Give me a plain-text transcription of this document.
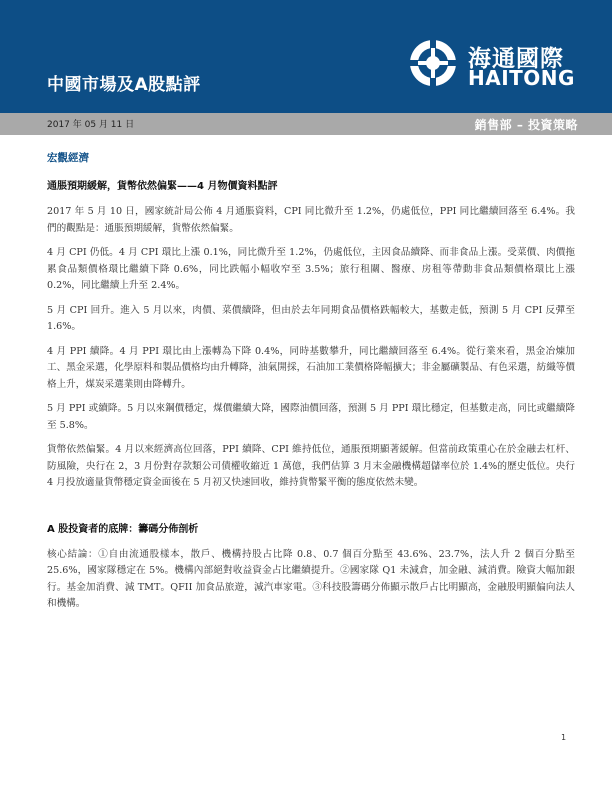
中國市場及A股點評
海通國際
HAITONG
2017 年 05 月 11 日	銷售部 – 投資策略
宏觀經濟
通脹預期緩解，貨幣依然偏緊——4 月物價資料點評

2017 年 5 月 10 日，國家統計局公佈 4 月通脹資料，CPI 同比微升至 1.2%，仍處低位，PPI 同比繼續回落至 6.4%。我們的觀點是：通脹預期緩解，貨幣依然偏緊。

4 月 CPI 仍低。4 月 CPI 環比上漲 0.1%，同比微升至 1.2%，仍處低位，主因食品續降、而非食品上漲。受菜價、肉價拖累食品類價格環比繼續下降 0.6%，同比跌幅小幅收窄至 3.5%；旅行租關、醫療、房租等帶動非食品類價格環比上漲 0.2%，同比繼續上升至 2.4%。

5 月 CPI 回升。進入 5 月以來，肉價、菜價續降，但由於去年同期食品價格跌幅較大，基數走低，預測 5 月 CPI 反彈至 1.6%。

4 月 PPI 續降。4 月 PPI 環比由上漲轉為下降 0.4%，同時基數攀升，同比繼續回落至 6.4%。從行業來看，黑金冶煉加工、黑金采選，化學原料和製品價格均由升轉降，油氣開採，石油加工業價格降幅擴大；非金屬礦製品、有色采選，紡織等價格上升，煤炭采選業則由降轉升。

5 月 PPI 或續降。5 月以來鋼價穩定，煤價繼續大降，國際油價回落，預測 5 月 PPI 環比穩定，但基數走高，同比或繼續降至 5.8%。

貨幣依然偏緊。4 月以來經濟高位回落，PPI 續降、CPI 維持低位，通脹預期顯著緩解。但當前政策重心在於金融去杠杆、防風險，央行在 2，3 月份對存款類公司債權收縮近 1 萬億，我們估算 3 月末金融機構超儲率位於 1.4%的歷史低位。央行 4 月投放適量貨幣穩定資金面後在 5 月初又快速回收，維持貨幣緊平衡的態度依然未變。

A 股投資者的底牌：籌碼分佈剖析

核心結論：①自由流通股樣本，散戶、機構持股占比降 0.8、0.7 個百分點至 43.6%、23.7%，法人升 2 個百分點至 25.6%，國家隊穩定在 5%。機構內部絕對收益資金占比繼續提升。②國家隊 Q1 未減倉，加金融、減消費。險資大幅加銀行。基金加消費、減 TMT。QFII 加食品旅遊，減汽車家電。③科技股籌碼分佈顯示散戶占比明顯高，金融股明顯偏向法人和機構。

1
